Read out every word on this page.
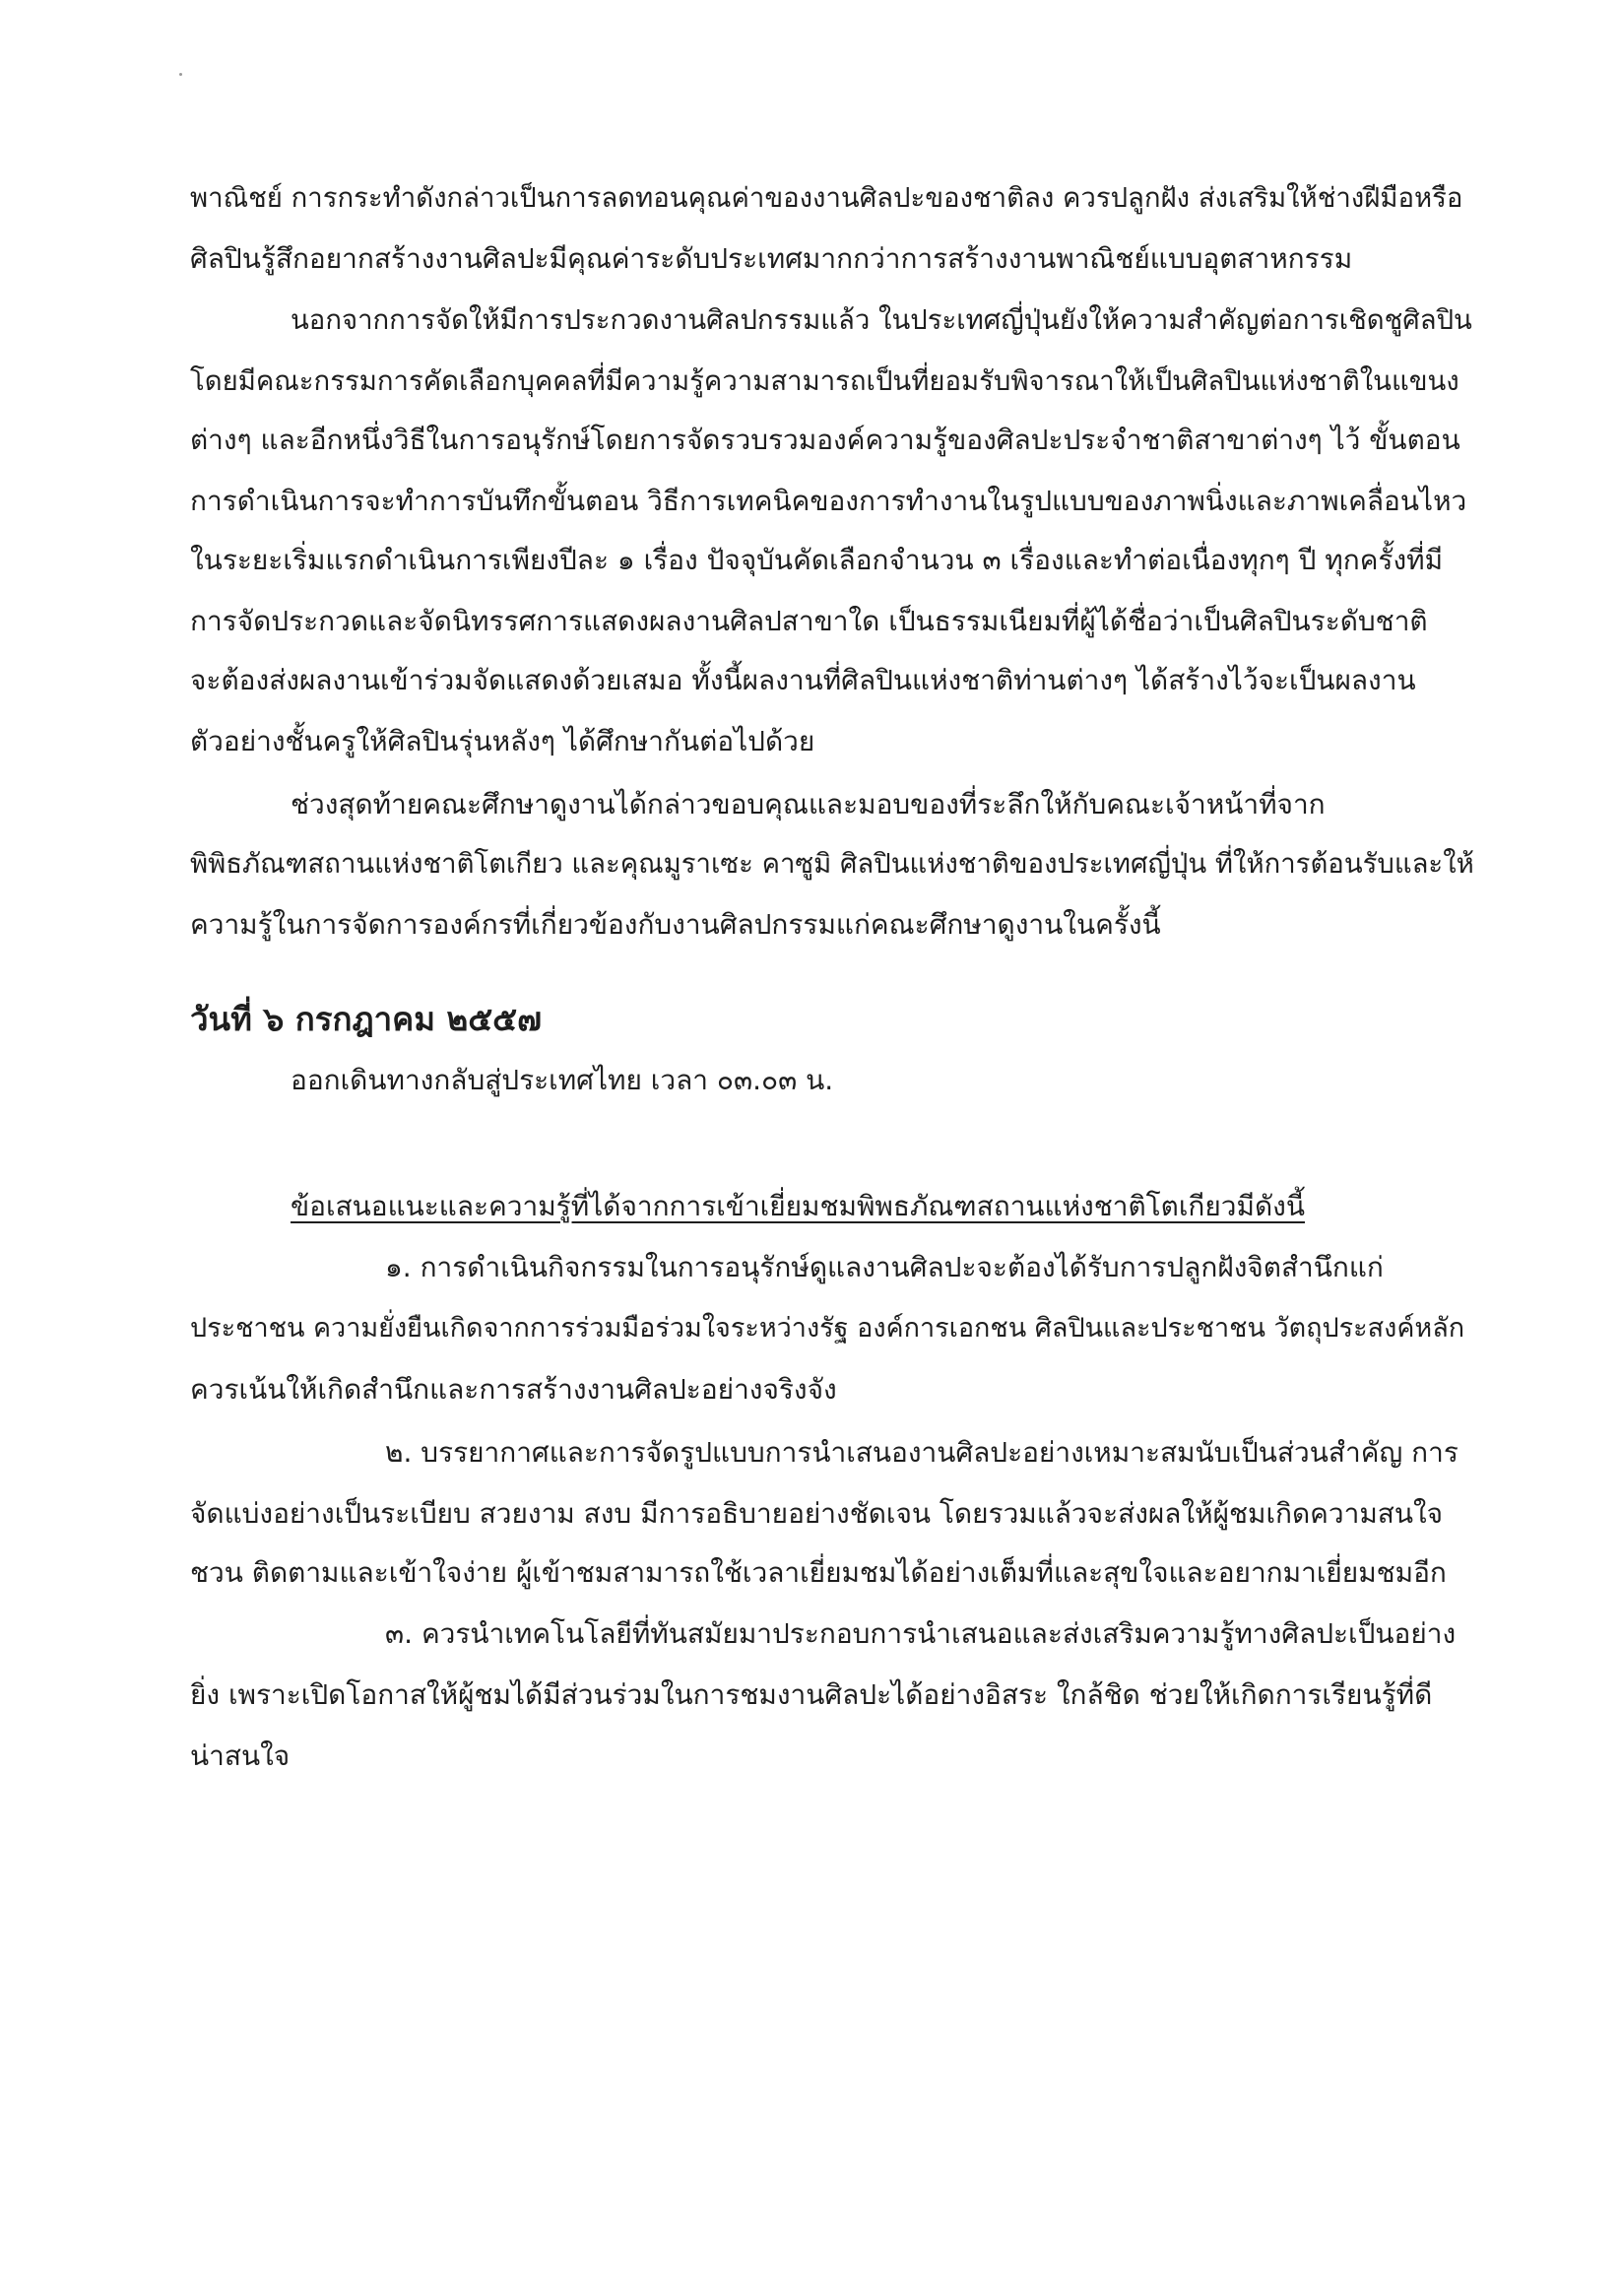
พาณิชย์ การกระทำดังกล่าวเป็นการลดทอนคุณค่าของงานศิลปะของชาติลง ควรปลูกฝัง ส่งเสริมให้ช่างฝีมือหรือ
ศิลปินรู้สึกอยากสร้างงานศิลปะมีคุณค่าระดับประเทศมากกว่าการสร้างงานพาณิชย์แบบอุตสาหกรรม
นอกจากการจัดให้มีการประกวดงานศิลปกรรมแล้ว ในประเทศญี่ปุ่นยังให้ความสำคัญต่อการเชิดชูศิลปิน
โดยมีคณะกรรมการคัดเลือกบุคคลที่มีความรู้ความสามารถเป็นที่ยอมรับพิจารณาให้เป็นศิลปินแห่งชาติในแขนง
ต่างๆ และอีกหนึ่งวิธีในการอนุรักษ์โดยการจัดรวบรวมองค์ความรู้ของศิลปะประจำชาติสาขาต่างๆ ไว้ ขั้นตอน
การดำเนินการจะทำการบันทึกขั้นตอน วิธีการเทคนิคของการทำงานในรูปแบบของภาพนิ่งและภาพเคลื่อนไหว
ในระยะเริ่มแรกดำเนินการเพียงปีละ ๑ เรื่อง ปัจจุบันคัดเลือกจำนวน ๓ เรื่องและทำต่อเนื่องทุกๆ ปี ทุกครั้งที่มี
การจัดประกวดและจัดนิทรรศการแสดงผลงานศิลปสาขาใด เป็นธรรมเนียมที่ผู้ได้ชื่อว่าเป็นศิลปินระดับชาติ
จะต้องส่งผลงานเข้าร่วมจัดแสดงด้วยเสมอ ทั้งนี้ผลงานที่ศิลปินแห่งชาติท่านต่างๆ ได้สร้างไว้จะเป็นผลงาน
ตัวอย่างชั้นครูให้ศิลปินรุ่นหลังๆ ได้ศึกษากันต่อไปด้วย
ช่วงสุดท้ายคณะศึกษาดูงานได้กล่าวขอบคุณและมอบของที่ระลึกให้กับคณะเจ้าหน้าที่จาก
พิพิธภัณฑสถานแห่งชาติโตเกียว และคุณมูราเซะ คาซูมิ ศิลปินแห่งชาติของประเทศญี่ปุ่น ที่ให้การต้อนรับและให้
ความรู้ในการจัดการองค์กรที่เกี่ยวข้องกับงานศิลปกรรมแก่คณะศึกษาดูงานในครั้งนี้
วันที่ ๖ กรกฎาคม ๒๕๕๗
ออกเดินทางกลับสู่ประเทศไทย เวลา ๐๓.๐๓ น.
ข้อเสนอแนะและความรู้ที่ได้จากการเข้าเยี่ยมชมพิพธภัณฑสถานแห่งชาติโตเกียวมีดังนี้
๑. การดำเนินกิจกรรมในการอนุรักษ์ดูแลงานศิลปะจะต้องได้รับการปลูกฝังจิตสำนึกแก่
ประชาชน ความยั่งยืนเกิดจากการร่วมมือร่วมใจระหว่างรัฐ องค์การเอกชน ศิลปินและประชาชน วัตถุประสงค์หลัก
ควรเน้นให้เกิดสำนึกและการสร้างงานศิลปะอย่างจริงจัง
๒. บรรยากาศและการจัดรูปแบบการนำเสนองานศิลปะอย่างเหมาะสมนับเป็นส่วนสำคัญ การ
จัดแบ่งอย่างเป็นระเบียบ สวยงาม สงบ มีการอธิบายอย่างชัดเจน โดยรวมแล้วจะส่งผลให้ผู้ชมเกิดความสนใจ
ชวน ติดตามและเข้าใจง่าย ผู้เข้าชมสามารถใช้เวลาเยี่ยมชมได้อย่างเต็มที่และสุขใจและอยากมาเยี่ยมชมอีก
๓. ควรนำเทคโนโลยีที่ทันสมัยมาประกอบการนำเสนอและส่งเสริมความรู้ทางศิลปะเป็นอย่าง
ยิ่ง เพราะเปิดโอกาสให้ผู้ชมได้มีส่วนร่วมในการชมงานศิลปะได้อย่างอิสระ ใกล้ชิด ช่วยให้เกิดการเรียนรู้ที่ดี
น่าสนใจ
